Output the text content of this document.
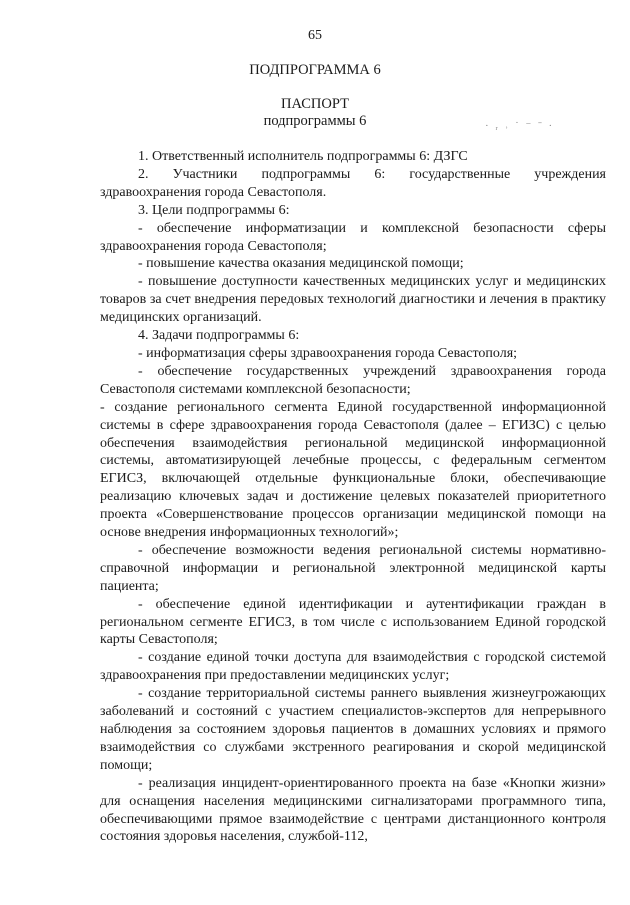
65
ПОДПРОГРАММА 6
ПАСПОРТ
подпрограммы 6	· ᵣ ˒ ˙ ⁻ ˉ ·

1. Ответственный исполнитель подпрограммы 6: ДЗГС

2. Участники подпрограммы 6: государственные учреждения здравоохранения города Севастополя.

3. Цели подпрограммы 6:

- обеспечение информатизации и комплексной безопасности сферы здравоохранения города Севастополя;

- повышение качества оказания медицинской помощи;

- повышение доступности качественных медицинских услуг и медицинских товаров за счет внедрения передовых технологий диагностики и лечения в практику медицинских организаций.

4. Задачи подпрограммы 6:

- информатизация сферы здравоохранения города Севастополя;

- обеспечение государственных учреждений здравоохранения города Севастополя системами комплексной безопасности;

- создание регионального сегмента Единой государственной информационной системы в сфере здравоохранения города Севастополя (далее – ЕГИЗС) с целью обеспечения взаимодействия региональной медицинской информационной системы, автоматизирующей лечебные процессы, с федеральным сегментом ЕГИСЗ, включающей отдельные функциональные блоки, обеспечивающие реализацию ключевых задач и достижение целевых показателей приоритетного проекта «Совершенствование процессов организации медицинской помощи на основе внедрения информационных технологий»;

- обеспечение возможности ведения региональной системы нормативно-справочной информации и региональной электронной медицинской карты пациента;

- обеспечение единой идентификации и аутентификации граждан в региональном сегменте ЕГИСЗ, в том числе с использованием Единой городской карты Севастополя;

- создание единой точки доступа для взаимодействия с городской системой здравоохранения при предоставлении медицинских услуг;

- создание территориальной системы раннего выявления жизнеугрожающих заболеваний и состояний с участием специалистов-экспертов для непрерывного наблюдения за состоянием здоровья пациентов в домашних условиях и прямого взаимодействия со службами экстренного реагирования и скорой медицинской помощи;

- реализация инцидент-ориентированного проекта на базе «Кнопки жизни» для оснащения населения медицинскими сигнализаторами программного типа, обеспечивающими прямое взаимодействие с центрами дистанционного контроля состояния здоровья населения, службой-112,
